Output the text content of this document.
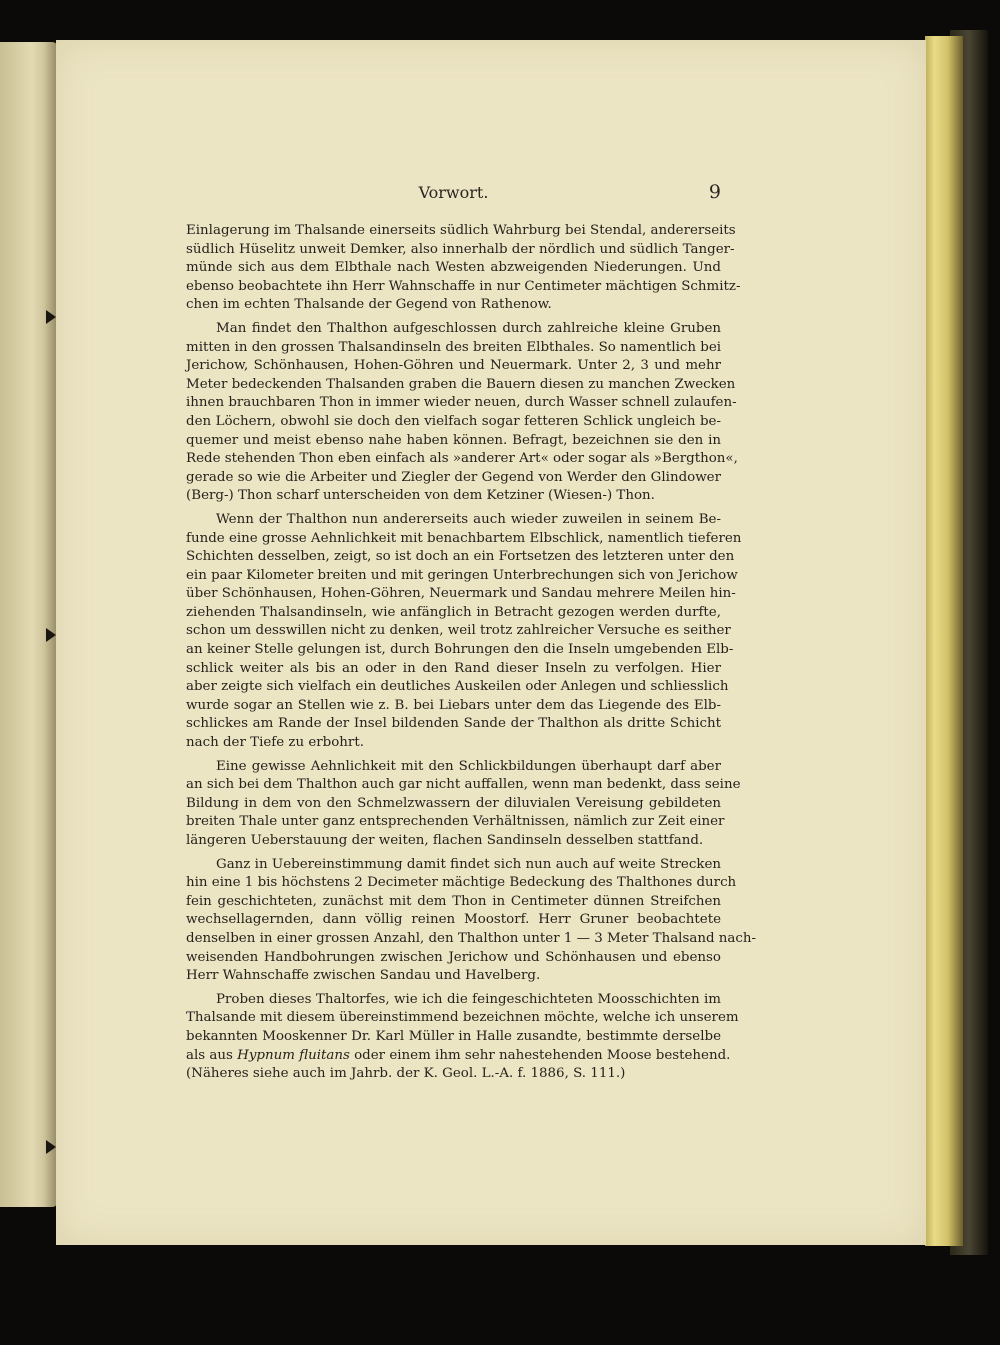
Vorwort.	9

Einlagerung im Thalsande einerseits südlich Wahrburg bei Stendal, andererseits
südlich Hüselitz unweit Demker, also innerhalb der nördlich und südlich Tanger-
münde sich aus dem Elbthale nach Westen abzweigenden Niederungen. Und
ebenso beobachtete ihn Herr Wahnschaffe in nur Centimeter mächtigen Schmitz-
chen im echten Thalsande der Gegend von Rathenow.

Man findet den Thalthon aufgeschlossen durch zahlreiche kleine Gruben
mitten in den grossen Thalsandinseln des breiten Elbthales. So namentlich bei
Jerichow, Schönhausen, Hohen-Göhren und Neuermark. Unter 2, 3 und mehr
Meter bedeckenden Thalsanden graben die Bauern diesen zu manchen Zwecken
ihnen brauchbaren Thon in immer wieder neuen, durch Wasser schnell zulaufen-
den Löchern, obwohl sie doch den vielfach sogar fetteren Schlick ungleich be-
quemer und meist ebenso nahe haben können. Befragt, bezeichnen sie den in
Rede stehenden Thon eben einfach als »anderer Art« oder sogar als »Bergthon«,
gerade so wie die Arbeiter und Ziegler der Gegend von Werder den Glindower
(Berg-) Thon scharf unterscheiden von dem Ketziner (Wiesen-) Thon.

Wenn der Thalthon nun andererseits auch wieder zuweilen in seinem Be-
funde eine grosse Aehnlichkeit mit benachbartem Elbschlick, namentlich tieferen
Schichten desselben, zeigt, so ist doch an ein Fortsetzen des letzteren unter den
ein paar Kilometer breiten und mit geringen Unterbrechungen sich von Jerichow
über Schönhausen, Hohen-Göhren, Neuermark und Sandau mehrere Meilen hin-
ziehenden Thalsandinseln, wie anfänglich in Betracht gezogen werden durfte,
schon um desswillen nicht zu denken, weil trotz zahlreicher Versuche es seither
an keiner Stelle gelungen ist, durch Bohrungen den die Inseln umgebenden Elb-
schlick weiter als bis an oder in den Rand dieser Inseln zu verfolgen. Hier
aber zeigte sich vielfach ein deutliches Auskeilen oder Anlegen und schliesslich
wurde sogar an Stellen wie z. B. bei Liebars unter dem das Liegende des Elb-
schlickes am Rande der Insel bildenden Sande der Thalthon als dritte Schicht
nach der Tiefe zu erbohrt.

Eine gewisse Aehnlichkeit mit den Schlickbildungen überhaupt darf aber
an sich bei dem Thalthon auch gar nicht auffallen, wenn man bedenkt, dass seine
Bildung in dem von den Schmelzwassern der diluvialen Vereisung gebildeten
breiten Thale unter ganz entsprechenden Verhältnissen, nämlich zur Zeit einer
längeren Ueberstauung der weiten, flachen Sandinseln desselben stattfand.

Ganz in Uebereinstimmung damit findet sich nun auch auf weite Strecken
hin eine 1 bis höchstens 2 Decimeter mächtige Bedeckung des Thalthones durch
fein geschichteten, zunächst mit dem Thon in Centimeter dünnen Streifchen
wechsellagernden, dann völlig reinen Moostorf. Herr Gruner beobachtete
denselben in einer grossen Anzahl, den Thalthon unter 1 — 3 Meter Thalsand nach-
weisenden Handbohrungen zwischen Jerichow und Schönhausen und ebenso
Herr Wahnschaffe zwischen Sandau und Havelberg.

Proben dieses Thaltorfes, wie ich die feingeschichteten Moosschichten im
Thalsande mit diesem übereinstimmend bezeichnen möchte, welche ich unserem
bekannten Mooskenner Dr. Karl Müller in Halle zusandte, bestimmte derselbe
als aus Hypnum fluitans oder einem ihm sehr nahestehenden Moose bestehend.
(Näheres siehe auch im Jahrb. der K. Geol. L.-A. f. 1886, S. 111.)
